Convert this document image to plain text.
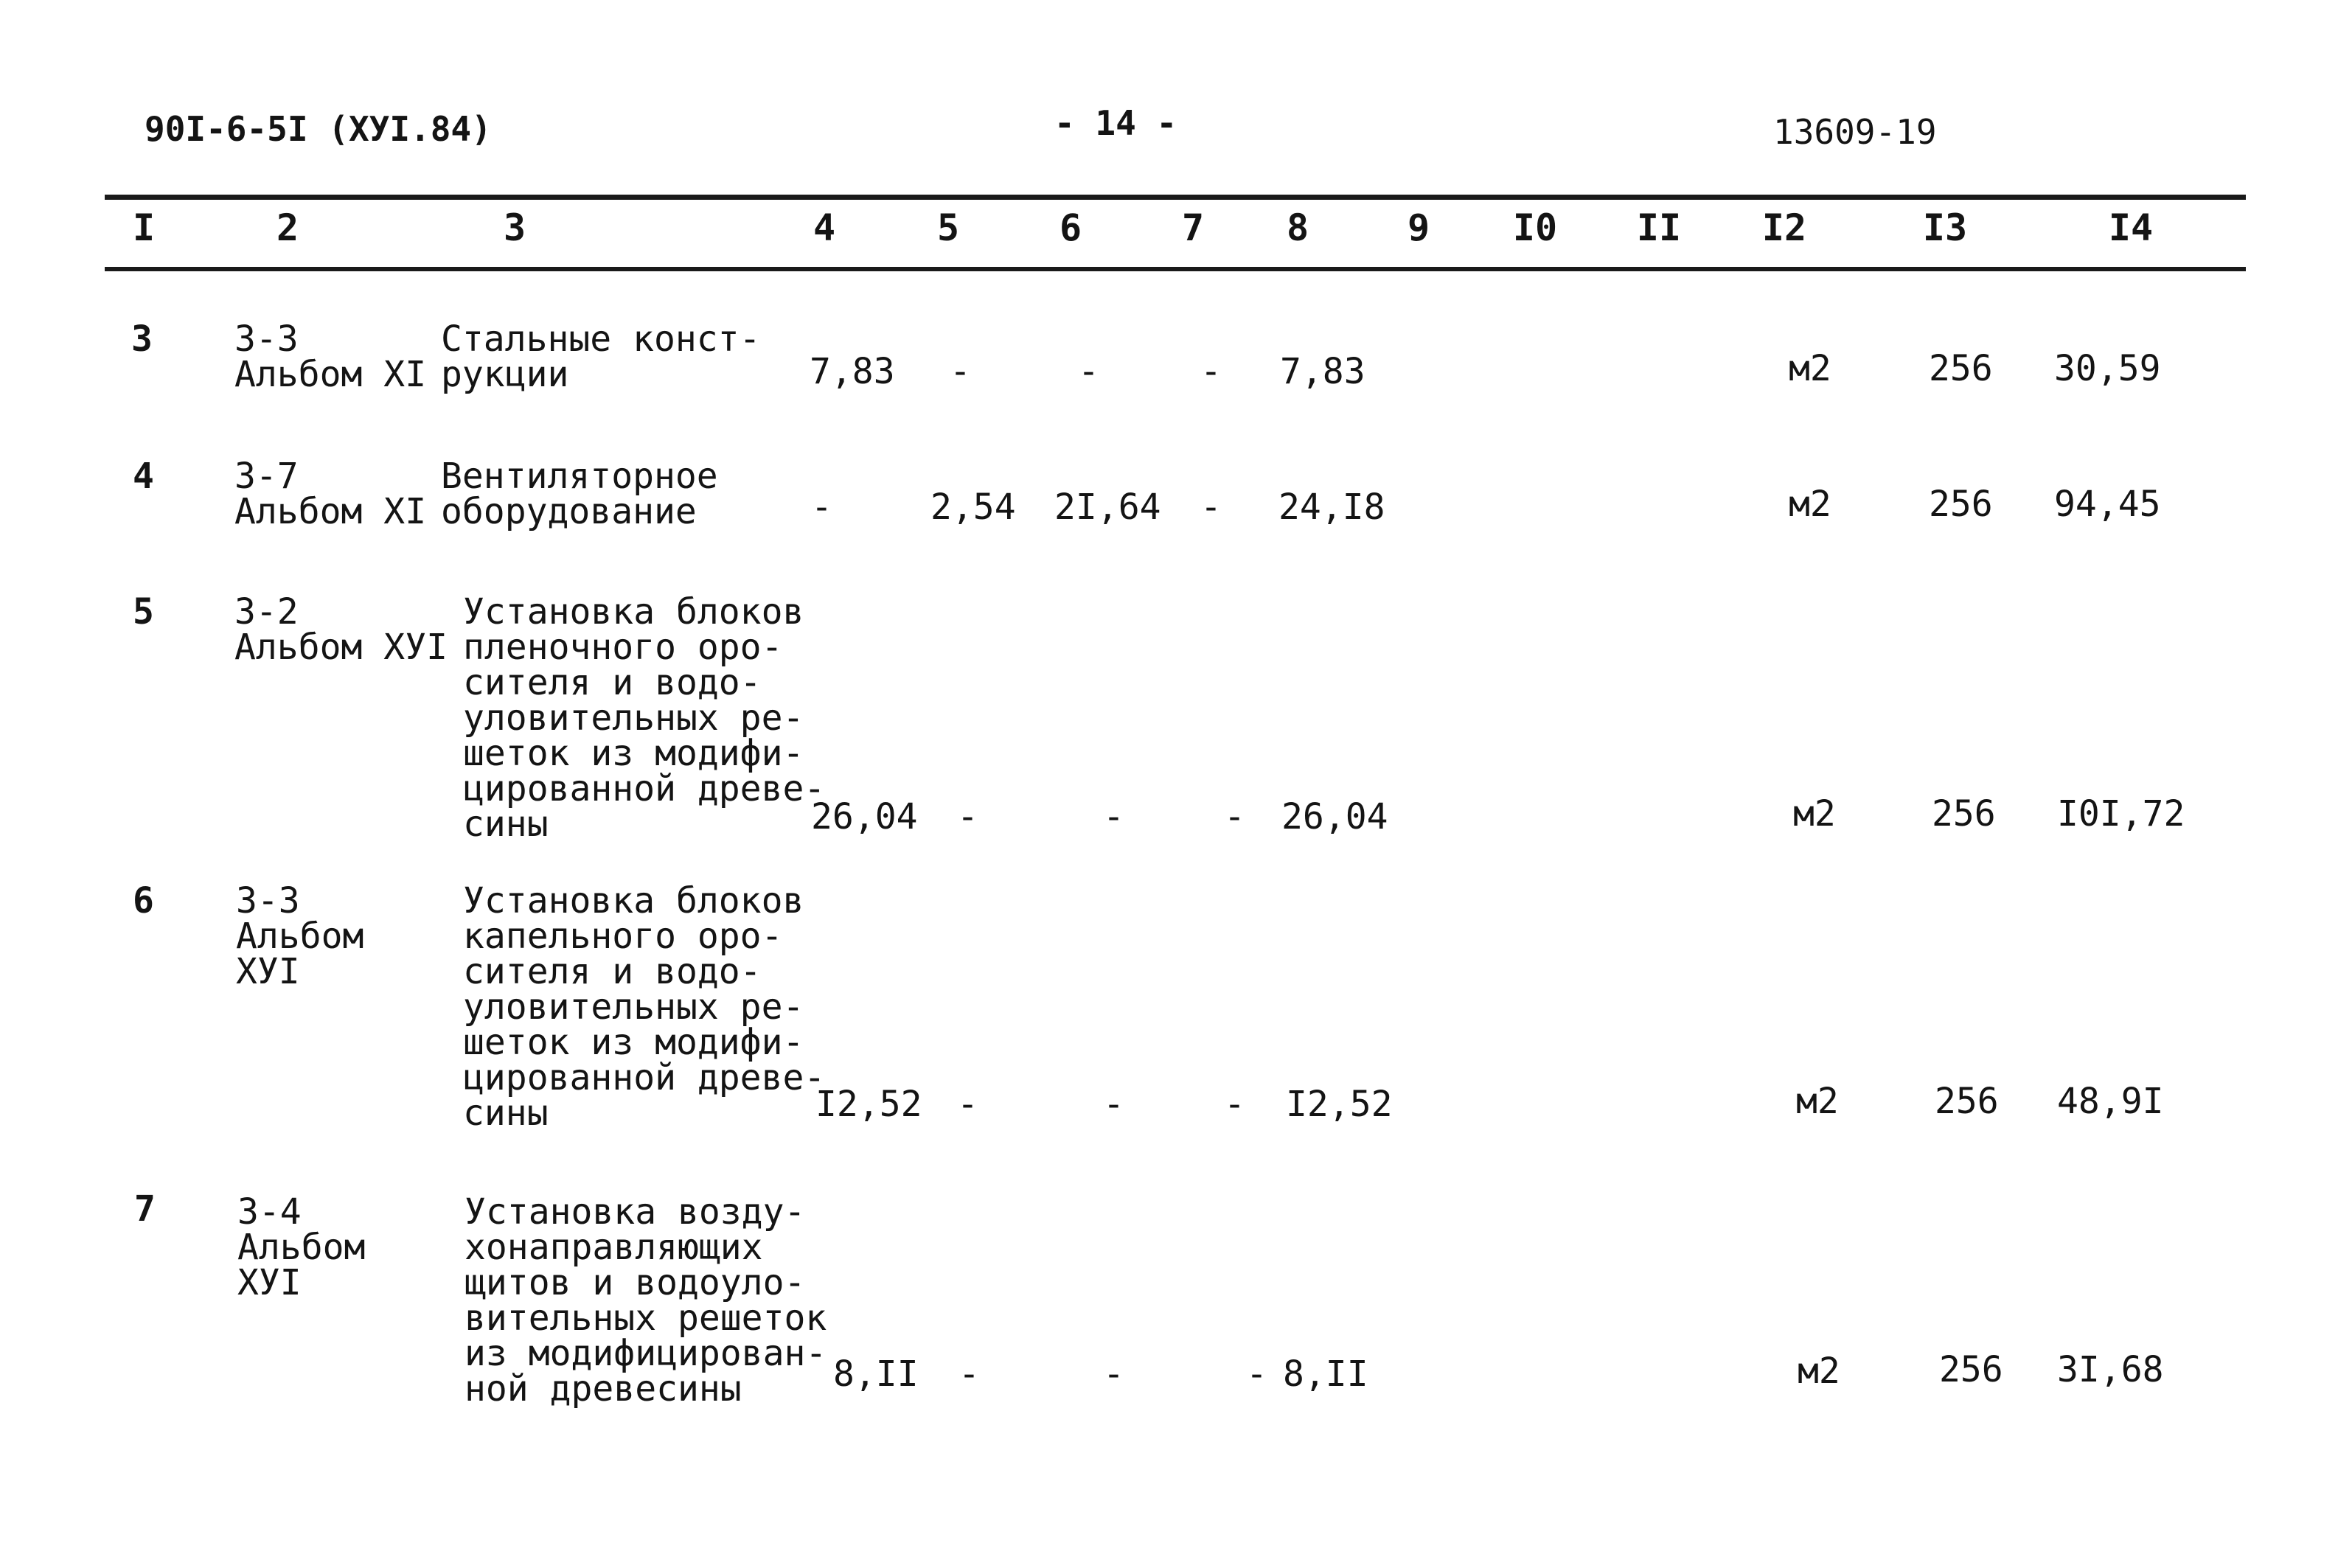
90I-6-5I (XУI.84)	- 14 -	13609-19
I	2	3	4	5	6	7	8	9	I0	II	I2	I3	I4
3 3-3
Альбом XI
Стальные конст-
рукции	7,83 -	-	- 7,83	м2	256 30,59
4 3-7
Альбом XI
Вентиляторное
оборудование	-	2,54 2I,64 - 24,I8	м2	256 94,45
5 3-2
Альбом XУI
Установка блоков
пленочного оро-
сителя и водо-
уловительных ре-
шеток из модифи-
цированной древе-
сины	26,04 -	-	- 26,04	м2	256 I0I,72
6 3-3
Альбом
XУI
Установка блоков
капельного оро-
сителя и водо-
уловительных ре-
шеток из модифи-
цированной древе-
сины	I2,52 -	-	- I2,52	м2	256 48,9I
7 3-4
Альбом
XУI
Установка возду-
хонаправляющих
щитов и водоуло-
вительных решеток
из модифицирован-
ной древесины	8,II -	-	- 8,II	м2	256 3I,68
